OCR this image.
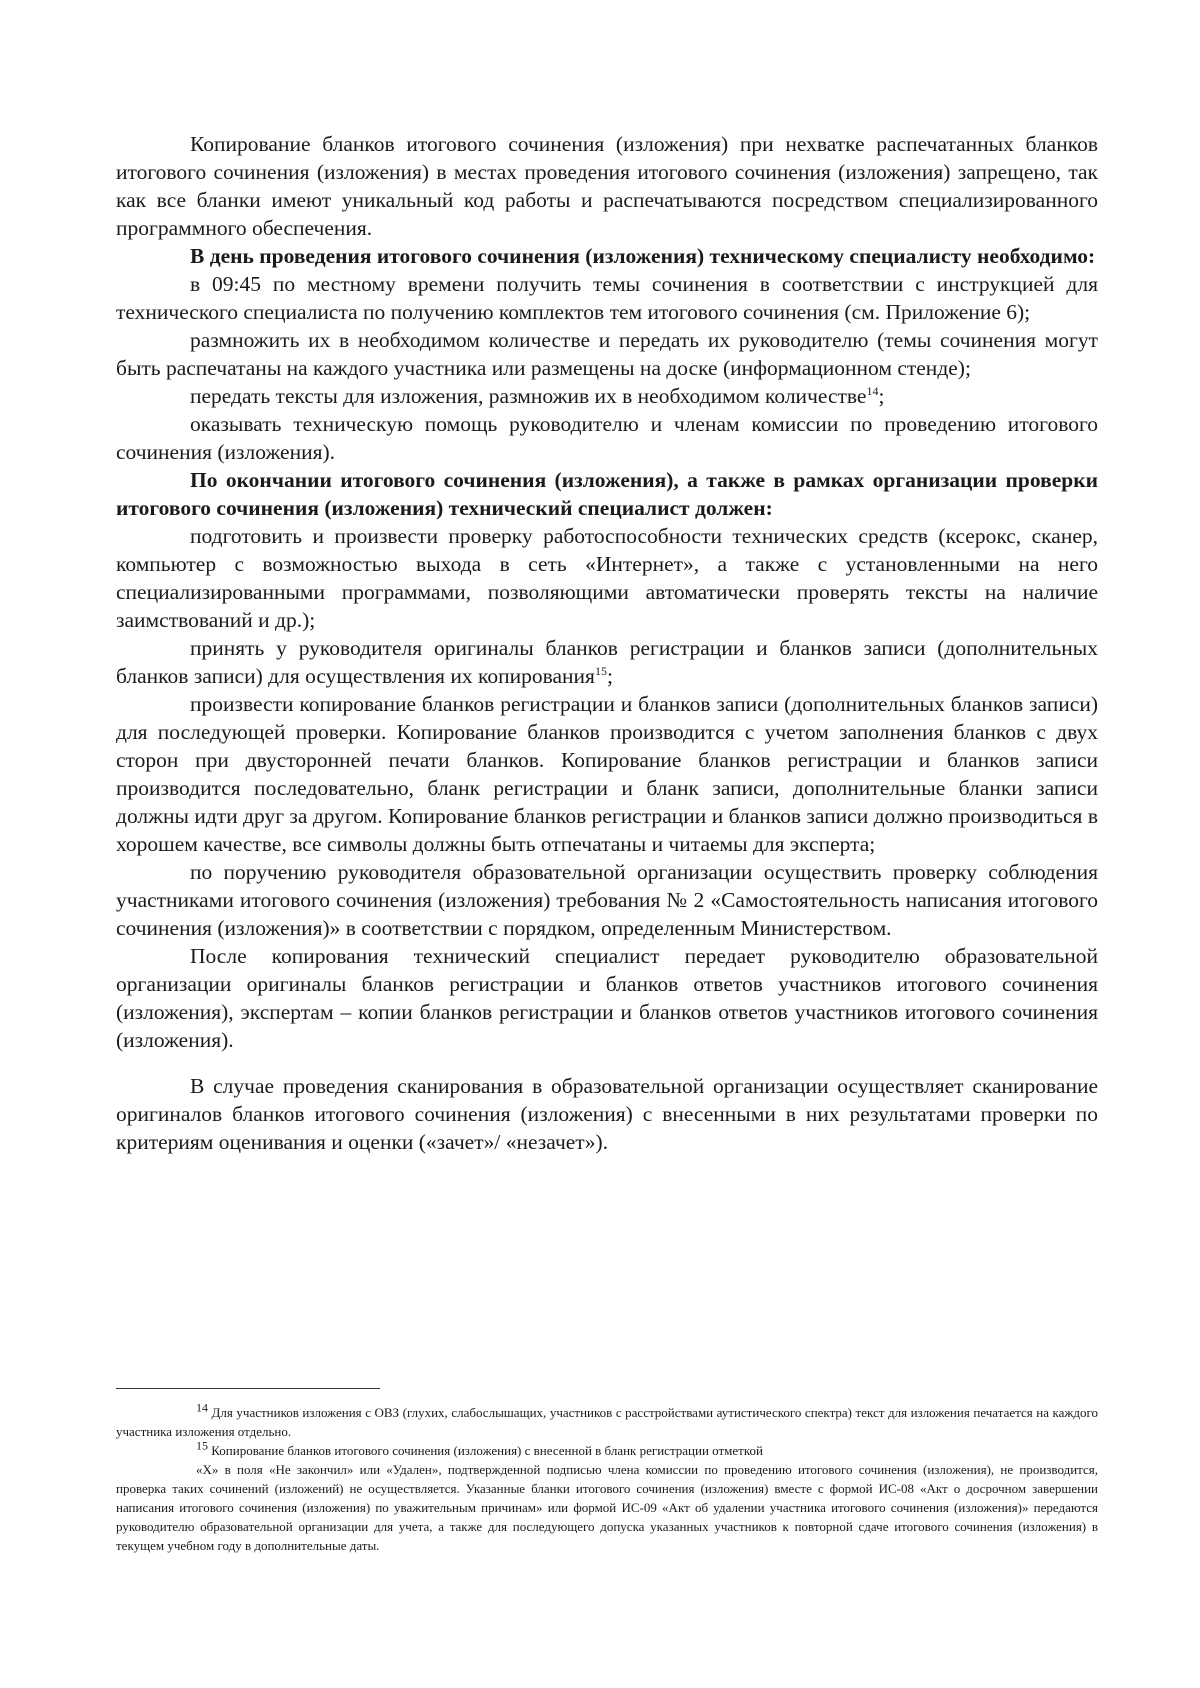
Копирование бланков итогового сочинения (изложения) при нехватке распечатанных бланков итогового сочинения (изложения) в местах проведения итогового сочинения (изложения) запрещено, так как все бланки имеют уникальный код работы и распечатываются посредством специализированного программного обеспечения.

В день проведения итогового сочинения (изложения) техническому специалисту необходимо:

в 09:45 по местному времени получить темы сочинения в соответствии с инструкцией для технического специалиста по получению комплектов тем итогового сочинения (см. Приложение 6);

размножить их в необходимом количестве и передать их руководителю (темы сочинения могут быть распечатаны на каждого участника или размещены на доске (информационном стенде);

передать тексты для изложения, размножив их в необходимом количестве$^{14}$;

оказывать техническую помощь руководителю и членам комиссии по проведению итогового сочинения (изложения).

По окончании итогового сочинения (изложения), а также в рамках организации проверки итогового сочинения (изложения) технический специалист должен:

подготовить и произвести проверку работоспособности технических средств (ксерокс, сканер, компьютер с возможностью выхода в сеть «Интернет», а также с установленными на него специализированными программами, позволяющими автоматически проверять тексты на наличие заимствований и др.);

принять у руководителя оригиналы бланков регистрации и бланков записи (дополнительных бланков записи) для осуществления их копирования$^{15}$;

произвести копирование бланков регистрации и бланков записи (дополнительных бланков записи) для последующей проверки. Копирование бланков производится с учетом заполнения бланков с двух сторон при двусторонней печати бланков. Копирование бланков регистрации и бланков записи производится последовательно, бланк регистрации и бланк записи, дополнительные бланки записи должны идти друг за другом. Копирование бланков регистрации и бланков записи должно производиться в хорошем качестве, все символы должны быть отпечатаны и читаемы для эксперта;

по поручению руководителя образовательной организации осуществить проверку соблюдения участниками итогового сочинения (изложения) требования № 2 «Самостоятельность написания итогового сочинения (изложения)» в соответствии с порядком, определенным Министерством.

После копирования технический специалист передает руководителю образовательной организации оригиналы бланков регистрации и бланков ответов участников итогового сочинения (изложения), экспертам – копии бланков регистрации и бланков ответов участников итогового сочинения (изложения).

В случае проведения сканирования в образовательной организации осуществляет сканирование оригиналов бланков итогового сочинения (изложения) с внесенными в них результатами проверки по критериям оценивания и оценки («зачет»/ «незачет»).

$^{14}$ Для участников изложения с ОВЗ (глухих, слабослышащих, участников с расстройствами аутистического спектра) текст для изложения печатается на каждого участника изложения отдельно.

$^{15}$ Копирование бланков итогового сочинения (изложения) с внесенной в бланк регистрации отметкой

«Х» в поля «Не закончил» или «Удален», подтвержденной подписью члена комиссии по проведению итогового сочинения (изложения), не производится, проверка таких сочинений (изложений) не осуществляется. Указанные бланки итогового сочинения (изложения) вместе с формой ИС-08 «Акт о досрочном завершении написания итогового сочинения (изложения) по уважительным причинам» или формой ИС-09 «Акт об удалении участника итогового сочинения (изложения)» передаются руководителю образовательной организации для учета, а также для последующего допуска указанных участников к повторной сдаче итогового сочинения (изложения) в текущем учебном году в дополнительные даты.
